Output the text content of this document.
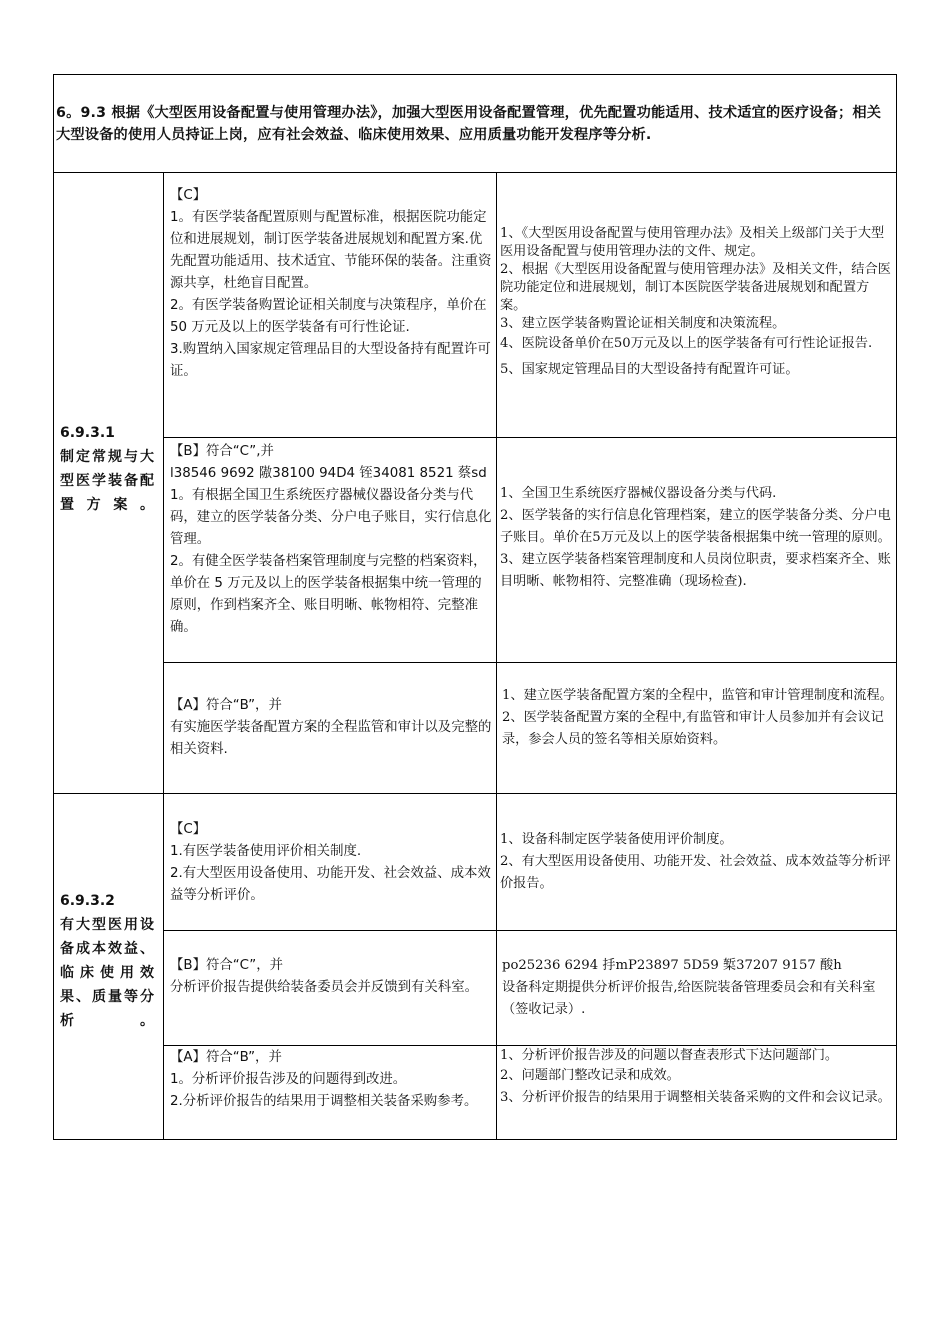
6。9.3 根据《大型医用设备配置与使用管理办法》，加强大型医用设备配置管理，优先配置功能适用、技术适宜的医疗设备；相关大型设备的使用人员持证上岗，应有社会效益、临床使用效果、应用质量功能开发程序等分析.
6.9.3.1
制定常规与大型医学装备配置方案。
6.9.3.2
有大型医用设备成本效益、临床使用效果、质量等分析。

【C】

1。有医学装备配置原则与配置标准，根据医院功能定位和进展规划，制订医学装备进展规划和配置方案.优先配置功能适用、技术适宜、节能环保的装备。注重资源共享，杜绝盲目配置。

2。有医学装备购置论证相关制度与决策程序，单价在 50 万元及以上的医学装备有可行性论证.

3.购置纳入国家规定管理品目的大型设备持有配置许可证。

1、《大型医用设备配置与使用管理办法》及相关上级部门关于大型医用设备配置与使用管理办法的文件、规定。

2、根据《大型医用设备配置与使用管理办法》及相关文件，结合医院功能定位和进展规划，制订本医院医学装备进展规划和配置方案。

3、建立医学装备购置论证相关制度和决策流程。

4、医院设备单价在50万元及以上的医学装备有可行性论证报告.

5、国家规定管理品目的大型设备持有配置许可证。

【B】符合“C”,并

l38546 9692 隞38100 94D4 铚34081 8521 蔡sd

1。有根据全国卫生系统医疗器械仪器设备分类与代码，建立的医学装备分类、分户电子账目，实行信息化管理。

2。有健全医学装备档案管理制度与完整的档案资料，单价在 5 万元及以上的医学装备根据集中统一管理的原则，作到档案齐全、账目明晰、帐物相符、完整准确。

1、全国卫生系统医疗器械仪器设备分类与代码.

2、医学装备的实行信息化管理档案，建立的医学装备分类、分户电子账目。单价在5万元及以上的医学装备根据集中统一管理的原则。

3、建立医学装备档案管理制度和人员岗位职责，要求档案齐全、账目明晰、帐物相符、完整准确（现场检查).

【A】符合“B”，并

有实施医学装备配置方案的全程监管和审计以及完整的相关资料.

1、建立医学装备配置方案的全程中，监管和审计管理制度和流程。

2、医学装备配置方案的全程中,有监管和审计人员参加并有会议记录，参会人员的签名等相关原始资料。

【C】

1.有医学装备使用评价相关制度.

2.有大型医用设备使用、功能开发、社会效益、成本效益等分析评价。

1、设备科制定医学装备使用评价制度。

2、有大型医用设备使用、功能开发、社会效益、成本效益等分析评价报告。

【B】符合“C”，并

分析评价报告提供给装备委员会并反馈到有关科室。

po25236 6294 抙mP23897 5D59 椠37207 9157 酸h

设备科定期提供分析评价报告,给医院装备管理委员会和有关科室（签收记录）.

【A】符合“B”，并

1。分析评价报告涉及的问题得到改进。

2.分析评价报告的结果用于调整相关装备采购参考。

1、分析评价报告涉及的问题以督查表形式下达问题部门。

2、问题部门整改记录和成效。

3、分析评价报告的结果用于调整相关装备采购的文件和会议记录。
